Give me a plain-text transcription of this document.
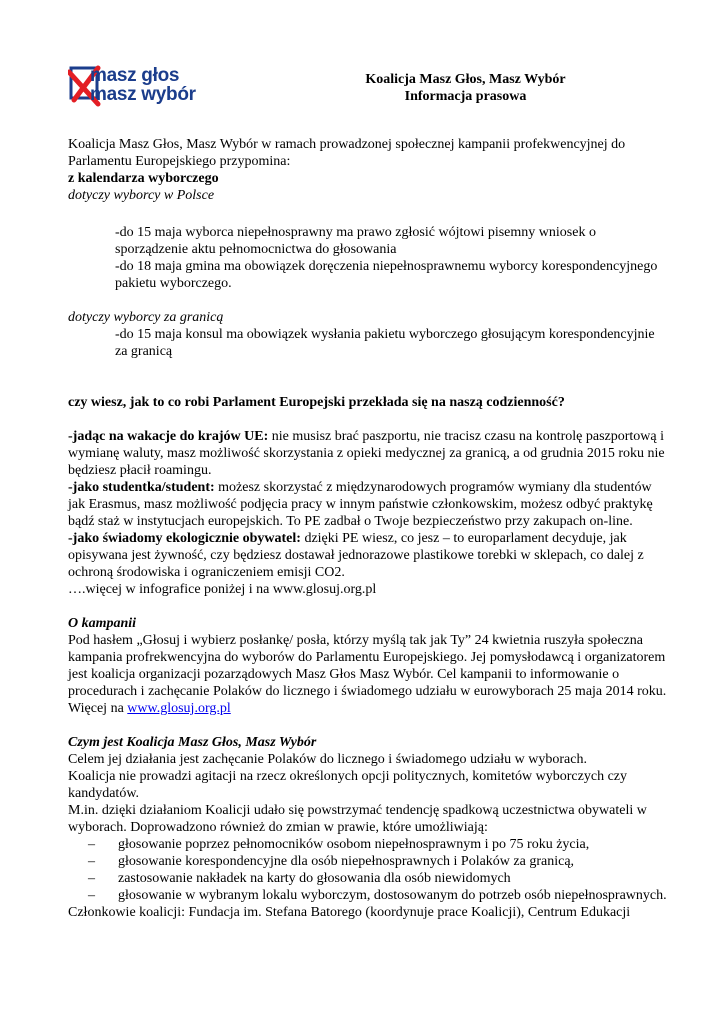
masz głos
masz wybór
Koalicja Masz Głos, Masz Wybór
Informacja prasowa

Koalicja Masz Głos, Masz Wybór w ramach prowadzonej społecznej kampanii profekwencyjnej do Parlamentu Europejskiego przypomina:

z kalendarza wyborczego

dotyczy wyborcy w Polsce

-do 15 maja wyborca niepełnosprawny ma prawo zgłosić wójtowi pisemny wniosek o sporządzenie aktu pełnomocnictwa do głosowania

-do 18 maja gmina ma obowiązek doręczenia niepełnosprawnemu wyborcy korespondencyjnego pakietu wyborczego.

dotyczy wyborcy za granicą

-do 15 maja konsul ma obowiązek wysłania pakietu wyborczego głosującym korespondencyjnie za granicą

czy wiesz, jak to co robi Parlament Europejski przekłada się na naszą codzienność?

-jadąc na wakacje do krajów UE: nie musisz brać paszportu, nie tracisz czasu na kontrolę paszportową i wymianę waluty, masz możliwość skorzystania z opieki medycznej za granicą, a od grudnia 2015 roku nie będziesz płacił roamingu.

-jako studentka/student: możesz skorzystać z międzynarodowych programów wymiany dla studentów jak Erasmus, masz możliwość podjęcia pracy w innym państwie członkowskim, możesz odbyć praktykę bądź staż w instytucjach europejskich. To PE zadbał o Twoje bezpieczeństwo przy zakupach on-line.

-jako świadomy ekologicznie obywatel: dzięki PE wiesz, co jesz – to europarlament decyduje, jak opisywana jest żywność, czy będziesz dostawał jednorazowe plastikowe torebki w sklepach, co dalej z ochroną środowiska i ograniczeniem emisji CO2.

….więcej w infografice poniżej i na www.glosuj.org.pl

O kampanii

Pod hasłem „Głosuj i wybierz posłankę/ posła, którzy myślą tak jak Ty” 24 kwietnia ruszyła społeczna kampania profrekwencyjna do wyborów do Parlamentu Europejskiego. Jej pomysłodawcą i organizatorem jest koalicja organizacji pozarządowych Masz Głos Masz Wybór. Cel kampanii to informowanie o procedurach i zachęcanie Polaków do licznego i świadomego udziału w eurowyborach 25 maja 2014 roku. Więcej na www.glosuj.org.pl

Czym jest Koalicja Masz Głos, Masz Wybór

Celem jej działania jest zachęcanie Polaków do licznego i świadomego udziału w wyborach.

Koalicja nie prowadzi agitacji na rzecz określonych opcji politycznych, komitetów wyborczych czy kandydatów.

M.in. dzięki działaniom Koalicji udało się powstrzymać tendencję spadkową uczestnictwa obywateli w wyborach. Doprowadzono również do zmian w prawie, które umożliwiają:

– głosowanie poprzez pełnomocników osobom niepełnosprawnym i po 75 roku życia,
– głosowanie korespondencyjne dla osób niepełnosprawnych i Polaków za granicą,
– zastosowanie nakładek na karty do głosowania dla osób niewidomych
– głosowanie w wybranym lokalu wyborczym, dostosowanym do potrzeb osób niepełnosprawnych.

Członkowie koalicji: Fundacja im. Stefana Batorego (koordynuje prace Koalicji), Centrum Edukacji
